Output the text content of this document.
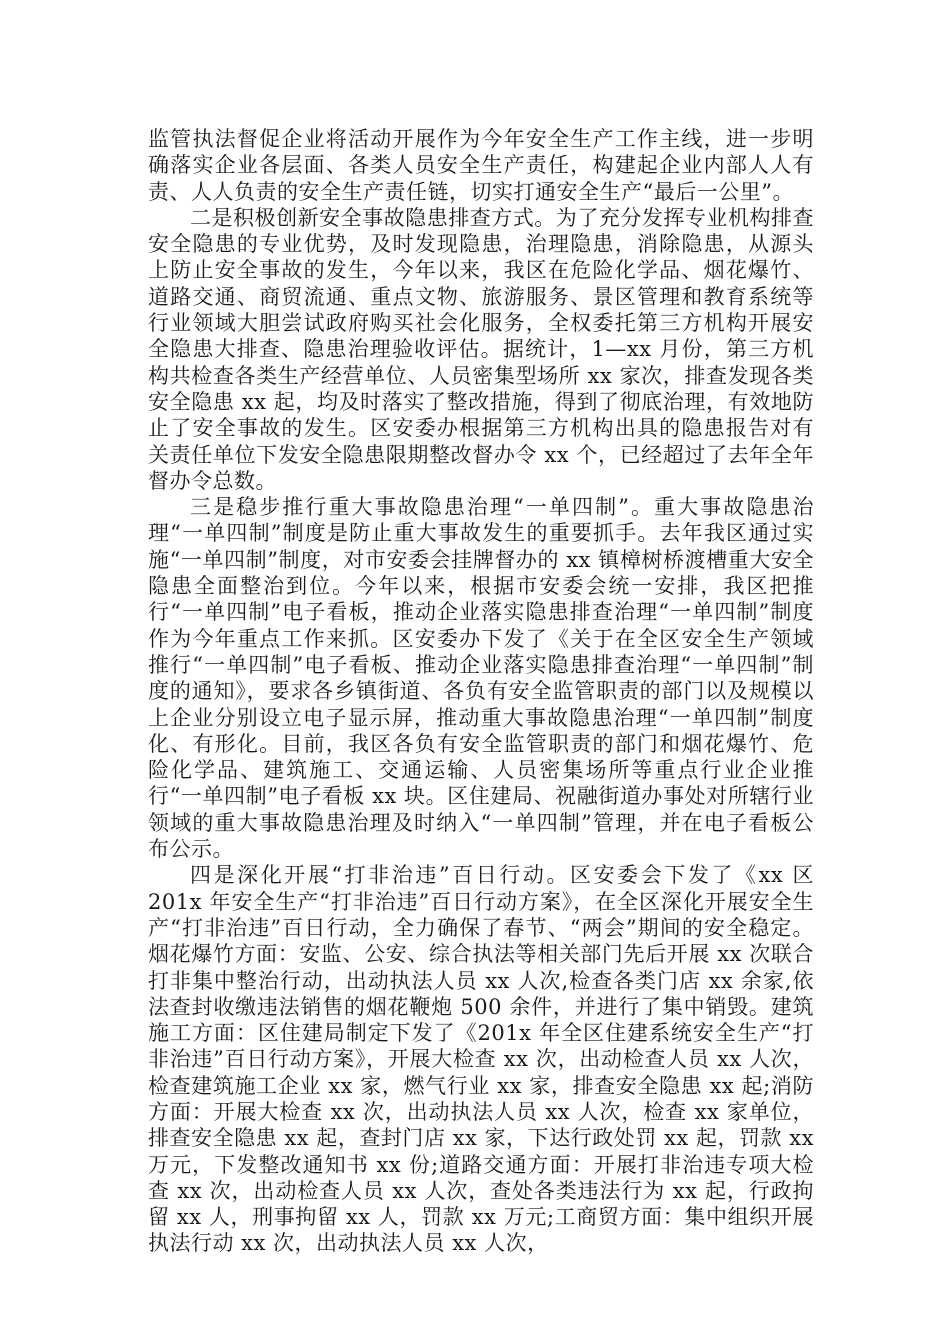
监管执法督促企业将活动开展作为今年安全生产工作主线，进一步明确落实企业各层面、各类人员安全生产责任，构建起企业内部人人有责、人人负责的安全生产责任链，切实打通安全生产“最后一公里”。

二是积极创新安全事故隐患排查方式。为了充分发挥专业机构排查安全隐患的专业优势，及时发现隐患，治理隐患，消除隐患，从源头上防止安全事故的发生，今年以来，我区在危险化学品、烟花爆竹、道路交通、商贸流通、重点文物、旅游服务、景区管理和教育系统等行业领域大胆尝试政府购买社会化服务，全权委托第三方机构开展安全隐患大排查、隐患治理验收评估。据统计，1—xx 月份，第三方机构共检查各类生产经营单位、人员密集型场所 xx 家次，排查发现各类安全隐患 xx 起，均及时落实了整改措施，得到了彻底治理，有效地防止了安全事故的发生。区安委办根据第三方机构出具的隐患报告对有关责任单位下发安全隐患限期整改督办令 xx 个，已经超过了去年全年督办令总数。

三是稳步推行重大事故隐患治理“一单四制”。重大事故隐患治理“一单四制”制度是防止重大事故发生的重要抓手。去年我区通过实施“一单四制”制度，对市安委会挂牌督办的 xx 镇樟树桥渡槽重大安全隐患全面整治到位。今年以来，根据市安委会统一安排，我区把推行“一单四制”电子看板，推动企业落实隐患排查治理“一单四制”制度作为今年重点工作来抓。区安委办下发了《关于在全区安全生产领域推行“一单四制”电子看板、推动企业落实隐患排查治理“一单四制”制度的通知》，要求各乡镇街道、各负有安全监管职责的部门以及规模以上企业分别设立电子显示屏，推动重大事故隐患治理“一单四制”制度化、有形化。目前，我区各负有安全监管职责的部门和烟花爆竹、危险化学品、建筑施工、交通运输、人员密集场所等重点行业企业推行“一单四制”电子看板 xx 块。区住建局、祝融街道办事处对所辖行业领域的重大事故隐患治理及时纳入“一单四制”管理，并在电子看板公布公示。

四是深化开展“打非治违”百日行动。区安委会下发了《xx 区 201x 年安全生产“打非治违”百日行动方案》，在全区深化开展安全生产“打非治违”百日行动，全力确保了春节、“两会”期间的安全稳定。烟花爆竹方面：安监、公安、综合执法等相关部门先后开展 xx 次联合打非集中整治行动，出动执法人员 xx 人次,检查各类门店 xx 余家,依法查封收缴违法销售的烟花鞭炮 500 余件，并进行了集中销毁。建筑施工方面：区住建局制定下发了《201x 年全区住建系统安全生产“打非治违”百日行动方案》，开展大检查 xx 次，出动检查人员 xx 人次，检查建筑施工企业 xx 家，燃气行业 xx 家，排查安全隐患 xx 起;消防方面：开展大检查 xx 次，出动执法人员 xx 人次，检查 xx 家单位，排查安全隐患 xx 起，查封门店 xx 家，下达行政处罚 xx 起，罚款 xx 万元，下发整改通知书 xx 份;道路交通方面：开展打非治违专项大检查 xx 次，出动检查人员 xx 人次，查处各类违法行为 xx 起，行政拘留 xx 人，刑事拘留 xx 人，罚款 xx 万元;工商贸方面：集中组织开展执法行动 xx 次，出动执法人员 xx 人次，
